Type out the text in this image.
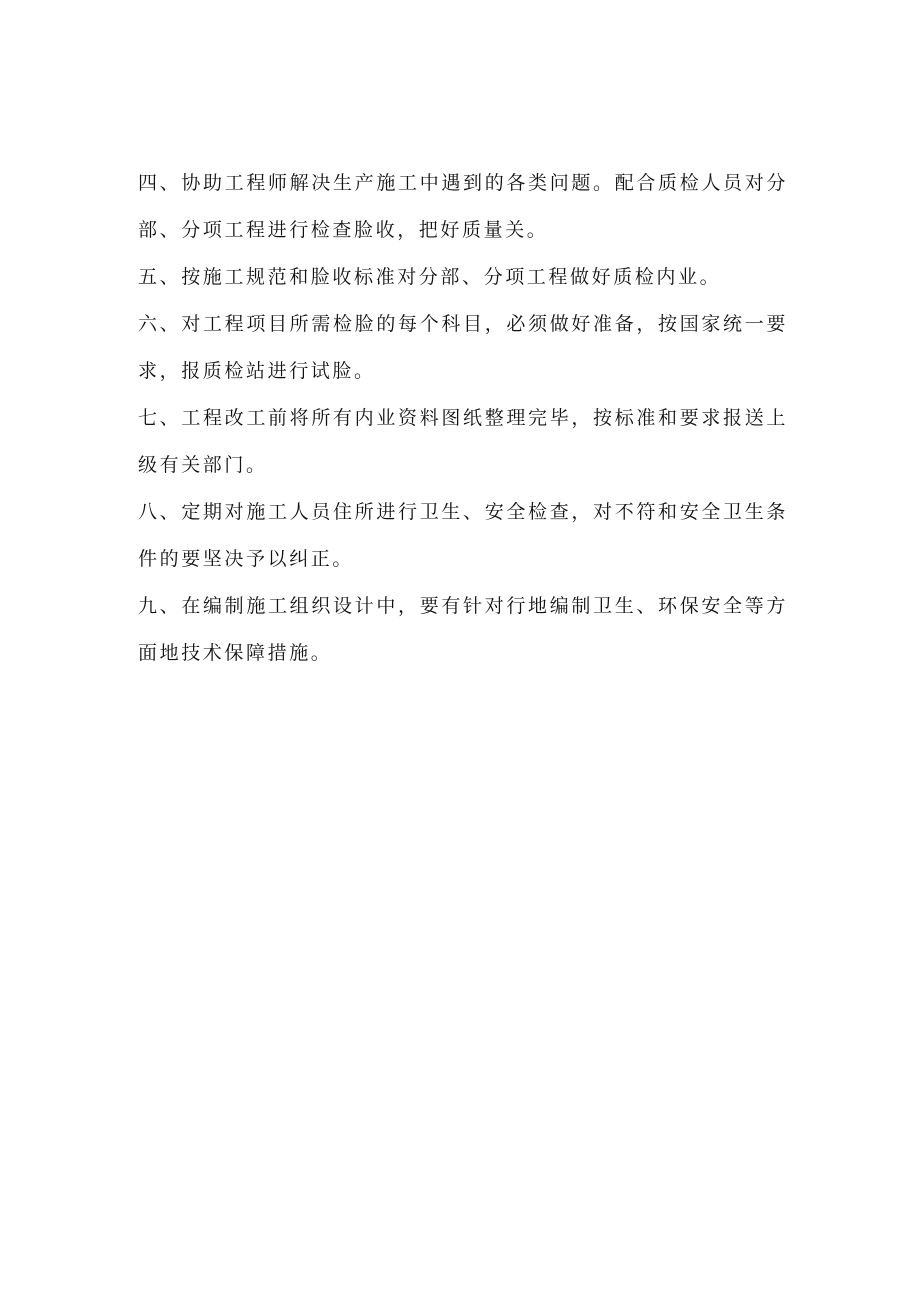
四、协助工程师解决生产施工中遇到的各类问题。配合质检人员对分部、分项工程进行检查脸收，把好质量关。

五、按施工规范和脸收标准对分部、分项工程做好质检内业。

六、对工程项目所需检脸的每个科目，必须做好准备，按国家统一要求，报质检站进行试脸。

七、工程改工前将所有内业资料图纸整理完毕，按标准和要求报送上级有关部门。

八、定期对施工人员住所进行卫生、安全检查，对不符和安全卫生条件的要坚决予以纠正。

九、在编制施工组织设计中，要有针对行地编制卫生、环保安全等方面地技术保障措施。
